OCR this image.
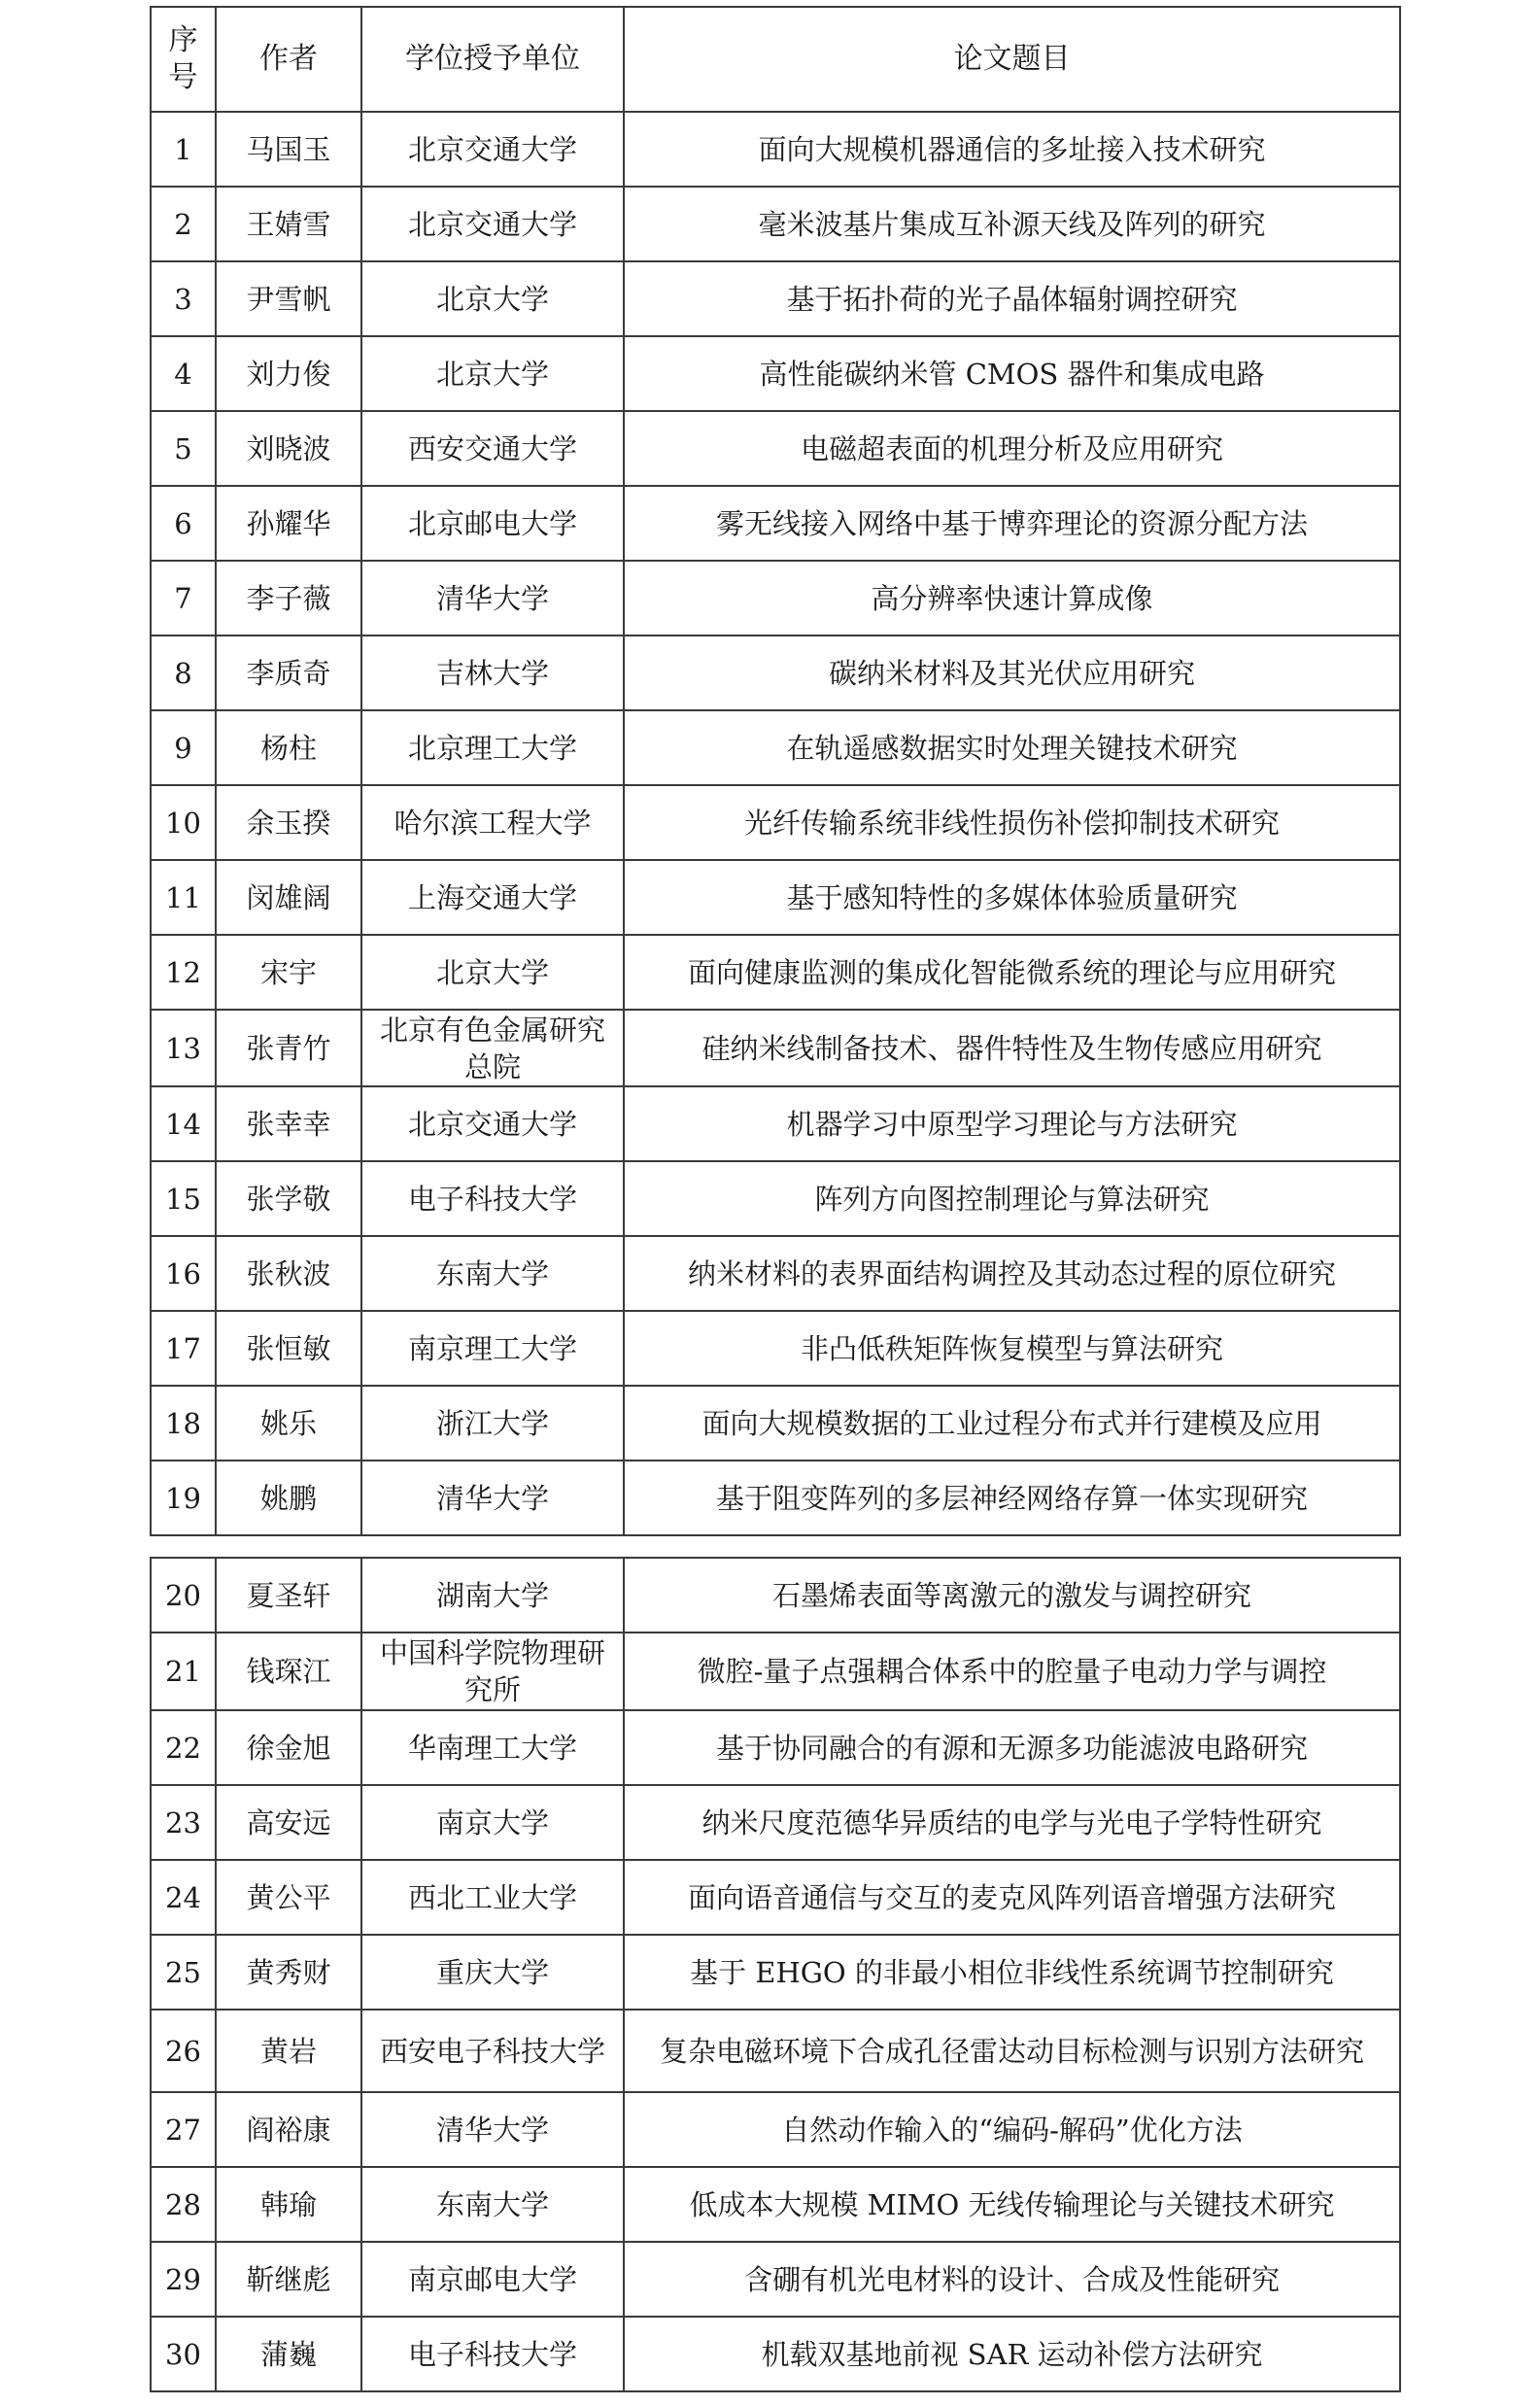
序号	作者	学位授予单位	论文题目
1	马国玉	北京交通大学	面向大规模机器通信的多址接入技术研究
2	王婧雪	北京交通大学	毫米波基片集成互补源天线及阵列的研究
3	尹雪帆	北京大学	基于拓扑荷的光子晶体辐射调控研究
4	刘力俊	北京大学	高性能碳纳米管 CMOS 器件和集成电路
5	刘晓波	西安交通大学	电磁超表面的机理分析及应用研究
6	孙耀华	北京邮电大学	雾无线接入网络中基于博弈理论的资源分配方法
7	李子薇	清华大学	高分辨率快速计算成像
8	李质奇	吉林大学	碳纳米材料及其光伏应用研究
9	杨柱	北京理工大学	在轨遥感数据实时处理关键技术研究
10	余玉揆	哈尔滨工程大学	光纤传输系统非线性损伤补偿抑制技术研究
11	闵雄阔	上海交通大学	基于感知特性的多媒体体验质量研究
12	宋宇	北京大学	面向健康监测的集成化智能微系统的理论与应用研究
13	张青竹	北京有色金属研究总院	硅纳米线制备技术、器件特性及生物传感应用研究
14	张幸幸	北京交通大学	机器学习中原型学习理论与方法研究
15	张学敬	电子科技大学	阵列方向图控制理论与算法研究
16	张秋波	东南大学	纳米材料的表界面结构调控及其动态过程的原位研究
17	张恒敏	南京理工大学	非凸低秩矩阵恢复模型与算法研究
18	姚乐	浙江大学	面向大规模数据的工业过程分布式并行建模及应用
19	姚鹏	清华大学	基于阻变阵列的多层神经网络存算一体实现研究
20	夏圣轩	湖南大学	石墨烯表面等离激元的激发与调控研究
21	钱琛江	中国科学院物理研究所	微腔-量子点强耦合体系中的腔量子电动力学与调控
22	徐金旭	华南理工大学	基于协同融合的有源和无源多功能滤波电路研究
23	高安远	南京大学	纳米尺度范德华异质结的电学与光电子学特性研究
24	黄公平	西北工业大学	面向语音通信与交互的麦克风阵列语音增强方法研究
25	黄秀财	重庆大学	基于 EHGO 的非最小相位非线性系统调节控制研究
26	黄岩	西安电子科技大学	复杂电磁环境下合成孔径雷达动目标检测与识别方法研究
27	阎裕康	清华大学	自然动作输入的“编码-解码”优化方法
28	韩瑜	东南大学	低成本大规模 MIMO 无线传输理论与关键技术研究
29	靳继彪	南京邮电大学	含硼有机光电材料的设计、合成及性能研究
30	蒲巍	电子科技大学	机载双基地前视 SAR 运动补偿方法研究
